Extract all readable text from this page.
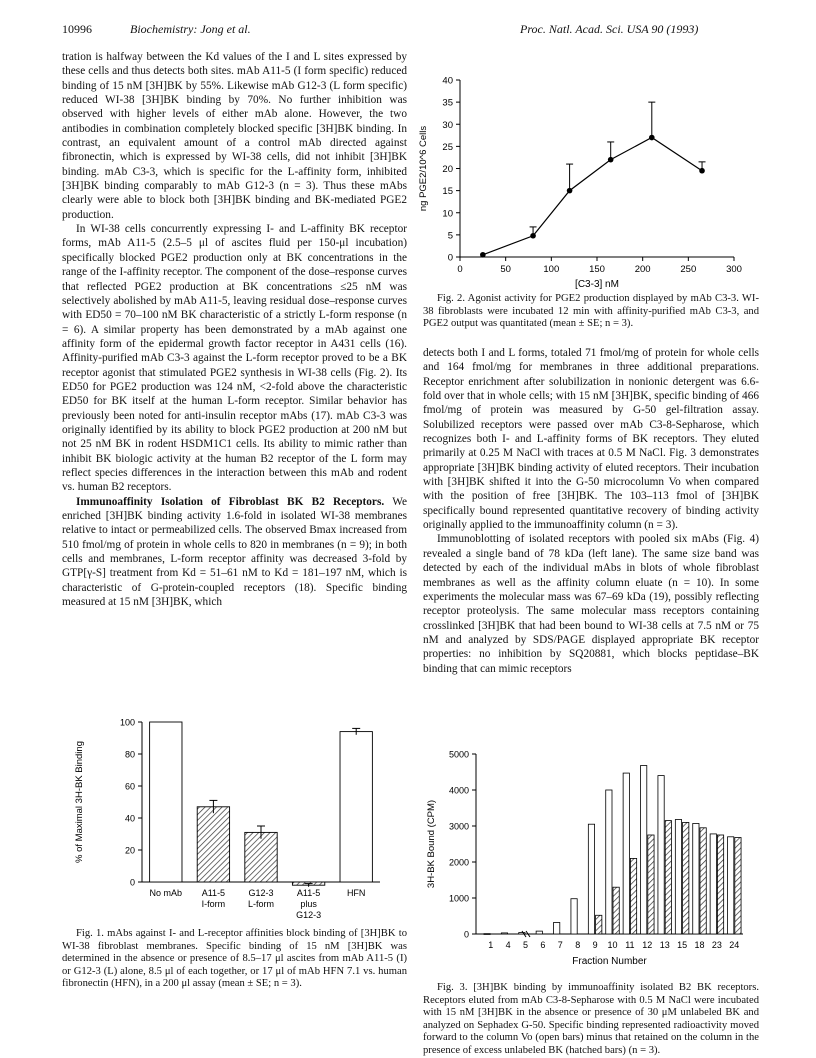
10996	Biochemistry: Jong et al.	Proc. Natl. Acad. Sci. USA 90 (1993)

tration is halfway between the Kd values of the I and L sites expressed by these cells and thus detects both sites. mAb A11-5 (I form specific) reduced binding of 15 nM [3H]BK by 55%. Likewise mAb G12-3 (L form specific) reduced WI-38 [3H]BK binding by 70%. No further inhibition was observed with higher levels of either mAb alone. However, the two antibodies in combination completely blocked specific [3H]BK binding. In contrast, an equivalent amount of a control mAb directed against fibronectin, which is expressed by WI-38 cells, did not inhibit [3H]BK binding. mAb C3-3, which is specific for the L-affinity form, inhibited [3H]BK binding comparably to mAb G12-3 (n = 3). Thus these mAbs clearly were able to block both [3H]BK binding and BK-mediated PGE2 production.

In WI-38 cells concurrently expressing I- and L-affinity BK receptor forms, mAb A11-5 (2.5–5 μl of ascites fluid per 150-μl incubation) specifically blocked PGE2 production only at BK concentrations in the range of the I-affinity receptor. The component of the dose–response curves that reflected PGE2 production at BK concentrations ≤25 nM was selectively abolished by mAb A11-5, leaving residual dose–response curves with ED50 = 70–100 nM BK characteristic of a strictly L-form response (n = 6). A similar property has been demonstrated by a mAb against one affinity form of the epidermal growth factor receptor in A431 cells (16). Affinity-purified mAb C3-3 against the L-form receptor proved to be a BK receptor agonist that stimulated PGE2 synthesis in WI-38 cells (Fig. 2). Its ED50 for PGE2 production was 124 nM, <2-fold above the characteristic ED50 for BK itself at the human L-form receptor. Similar behavior has previously been noted for anti-insulin receptor mAbs (17). mAb C3-3 was originally identified by its ability to block PGE2 production at 200 nM but not 25 nM BK in rodent HSDM1C1 cells. Its ability to mimic rather than inhibit BK biologic activity at the human B2 receptor of the L form may reflect species differences in the interaction between this mAb and rodent vs. human B2 receptors.

Immunoaffinity Isolation of Fibroblast BK B2 Receptors. We enriched [3H]BK binding activity 1.6-fold in isolated WI-38 membranes relative to intact or permeabilized cells. The observed Bmax increased from 510 fmol/mg of protein in whole cells to 820 in membranes (n = 9); in both cells and membranes, L-form receptor affinity was decreased 3-fold by GTP[γ-S] treatment from Kd = 51–61 nM to Kd = 181–197 nM, which is characteristic of G-protein-coupled receptors (18). Specific binding measured at 15 nM [3H]BK, which

0
20
40
60
80
100
% of Maximal 3H-BK Binding
No mAb A11-5
I-form
G12-3
L-form
A11-5
plus
G12-3
HFN
Fig. 1. mAbs against I- and L-receptor affinities block binding of [3H]BK to WI-38 fibroblast membranes. Specific binding of 15 nM [3H]BK was determined in the absence or presence of 8.5–17 μl ascites from mAb A11-5 (I) or G12-3 (L) alone, 8.5 μl of each together, or 17 μl of mAb HFN 7.1 vs. human fibronectin (HFN), in a 200 μl assay (mean ± SE; n = 3).
0
5
10
15
20
25
30
35
40
0	50	100	150	200	250	300
[C3-3] nM
ng PGE2/10^6 Cells
Fig. 2. Agonist activity for PGE2 production displayed by mAb C3-3. WI-38 fibroblasts were incubated 12 min with affinity-purified mAb C3-3, and PGE2 output was quantitated (mean ± SE; n = 3).

detects both I and L forms, totaled 71 fmol/mg of protein for whole cells and 164 fmol/mg for membranes in three additional preparations. Receptor enrichment after solubilization in nonionic detergent was 6.6-fold over that in whole cells; with 15 nM [3H]BK, specific binding of 466 fmol/mg of protein was measured by G-50 gel-filtration assay. Solubilized receptors were passed over mAb C3-8-Sepharose, which recognizes both I- and L-affinity forms of BK receptors. They eluted primarily at 0.25 M NaCl with traces at 0.5 M NaCl. Fig. 3 demonstrates appropriate [3H]BK binding activity of eluted receptors. Their incubation with [3H]BK shifted it into the G-50 microcolumn Vo when compared with the position of free [3H]BK. The 103–113 fmol of [3H]BK specifically bound represented quantitative recovery of binding activity originally applied to the immunoaffinity column (n = 3).

Immunoblotting of isolated receptors with pooled six mAbs (Fig. 4) revealed a single band of 78 kDa (left lane). The same size band was detected by each of the individual mAbs in blots of whole fibroblast membranes as well as the affinity column eluate (n = 10). In some experiments the molecular mass was 67–69 kDa (19), possibly reflecting receptor proteolysis. The same molecular mass receptors containing crosslinked [3H]BK that had been bound to WI-38 cells at 7.5 nM or 75 nM and analyzed by SDS/PAGE displayed appropriate BK receptor properties: no inhibition by SQ20881, which blocks peptidase–BK binding that can mimic receptors

0
1000
2000
3000
4000
5000
3H-BK Bound (CPM)
Fraction Number
1 4 5 6 7 8 9 10 11 12 13 15 18 23 24
Fig. 3. [3H]BK binding by immunoaffinity isolated B2 BK receptors. Receptors eluted from mAb C3-8-Sepharose with 0.5 M NaCl were incubated with 15 nM [3H]BK in the absence or presence of 30 μM unlabeled BK and analyzed on Sephadex G-50. Specific binding represented radioactivity moved forward to the column Vo (open bars) minus that retained on the column in the presence of excess unlabeled BK (hatched bars) (n = 3).
